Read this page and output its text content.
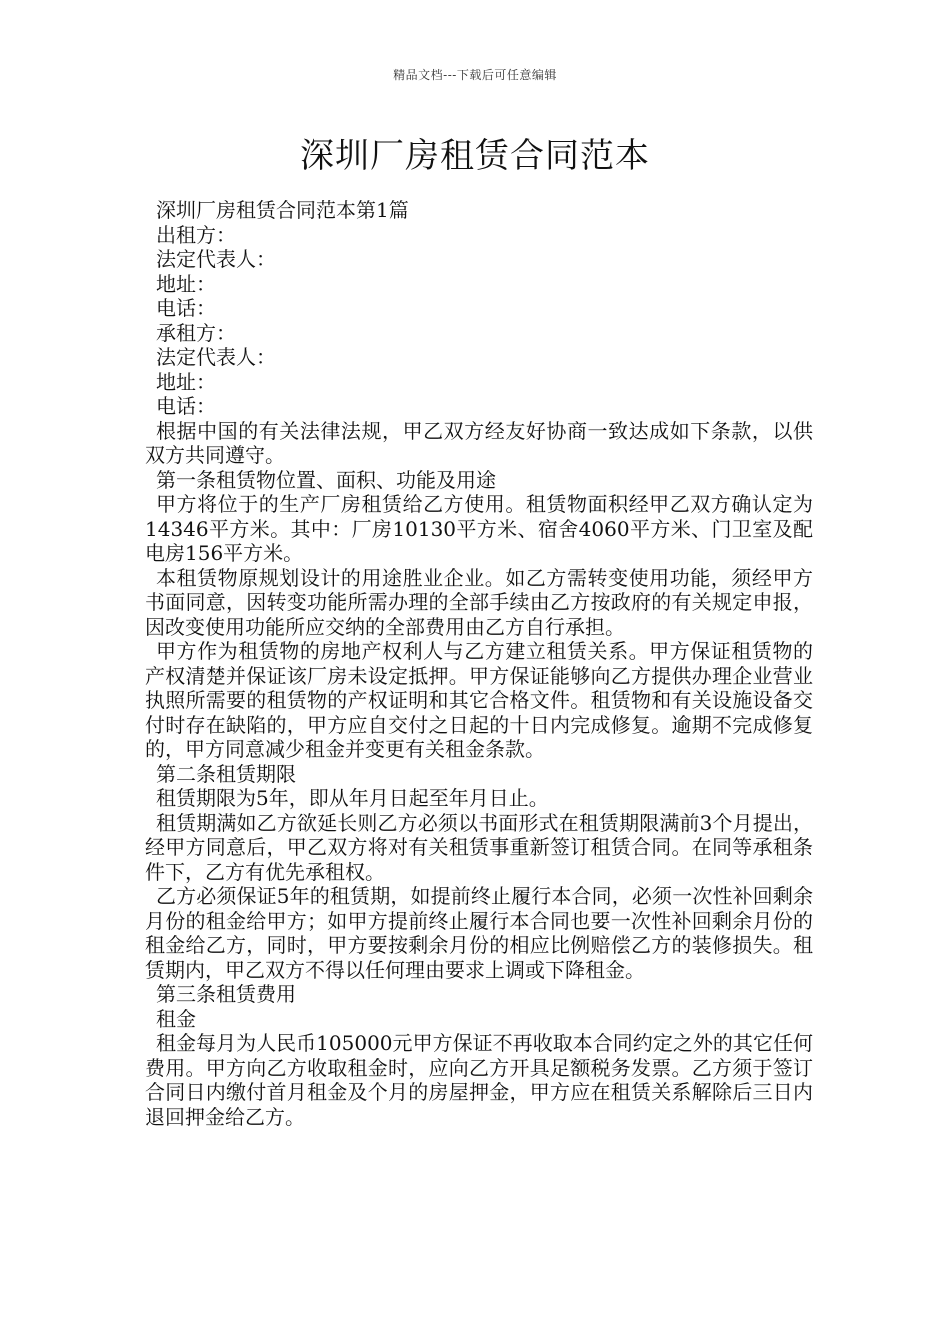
精品文档---下载后可任意编辑
深圳厂房租赁合同范本

深圳厂房租赁合同范本第1篇

出租方：

法定代表人：

地址：

电话：

承租方：

法定代表人：

地址：

电话：

根据中国的有关法律法规，甲乙双方经友好协商一致达成如下条款，以供双方共同遵守。

第一条租赁物位置、面积、功能及用途

甲方将位于的生产厂房租赁给乙方使用。租赁物面积经甲乙双方确认定为14346平方米。其中：厂房10130平方米、宿舍4060平方米、门卫室及配电房156平方米。

本租赁物原规划设计的用途胜业企业。如乙方需转变使用功能，须经甲方书面同意，因转变功能所需办理的全部手续由乙方按政府的有关规定申报，因改变使用功能所应交纳的全部费用由乙方自行承担。

甲方作为租赁物的房地产权利人与乙方建立租赁关系。甲方保证租赁物的产权清楚并保证该厂房未设定抵押。甲方保证能够向乙方提供办理企业营业执照所需要的租赁物的产权证明和其它合格文件。租赁物和有关设施设备交付时存在缺陷的，甲方应自交付之日起的十日内完成修复。逾期不完成修复的，甲方同意减少租金并变更有关租金条款。

第二条租赁期限

租赁期限为5年，即从年月日起至年月日止。

租赁期满如乙方欲延长则乙方必须以书面形式在租赁期限满前3个月提出，经甲方同意后，甲乙双方将对有关租赁事重新签订租赁合同。在同等承租条件下，乙方有优先承租权。

乙方必须保证5年的租赁期，如提前终止履行本合同，必须一次性补回剩余月份的租金给甲方；如甲方提前终止履行本合同也要一次性补回剩余月份的租金给乙方，同时，甲方要按剩余月份的相应比例赔偿乙方的装修损失。租赁期内，甲乙双方不得以任何理由要求上调或下降租金。

第三条租赁费用

租金

租金每月为人民币105000元甲方保证不再收取本合同约定之外的其它任何费用。甲方向乙方收取租金时，应向乙方开具足额税务发票。乙方须于签订合同日内缴付首月租金及个月的房屋押金，甲方应在租赁关系解除后三日内退回押金给乙方。
